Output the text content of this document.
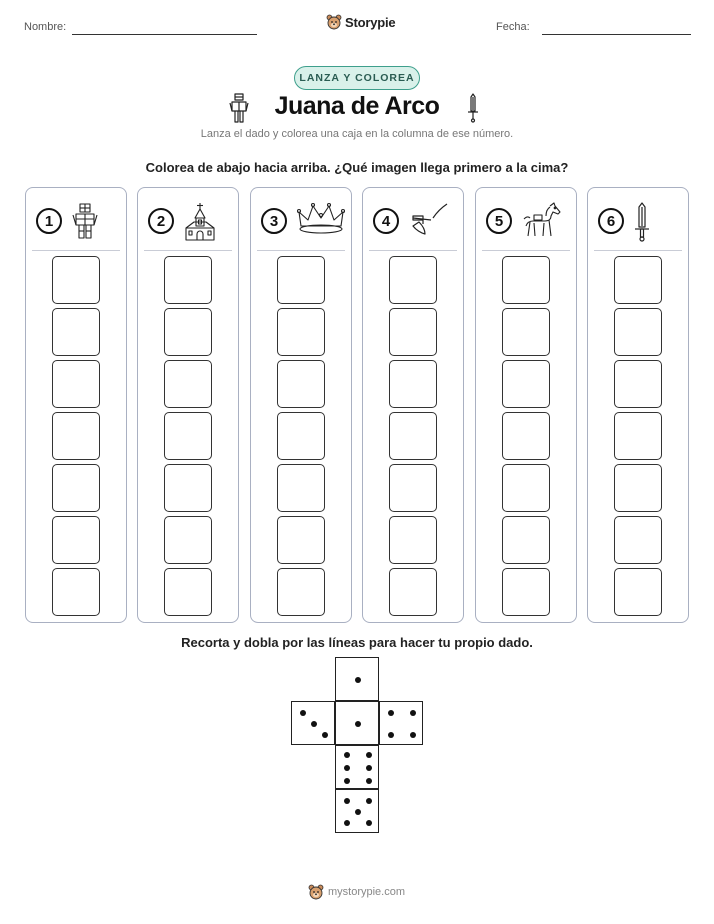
Nombre:	Storypie	Fecha:
LANZA Y COLOREA
Juana de Arco
Lanza el dado y colorea una caja en la columna de ese número.
Colorea de abajo hacia arriba. ¿Qué imagen llega primero a la cima?
1	2	3	4	5	6
Recorta y dobla por las líneas para hacer tu propio dado.
mystorypie.com
